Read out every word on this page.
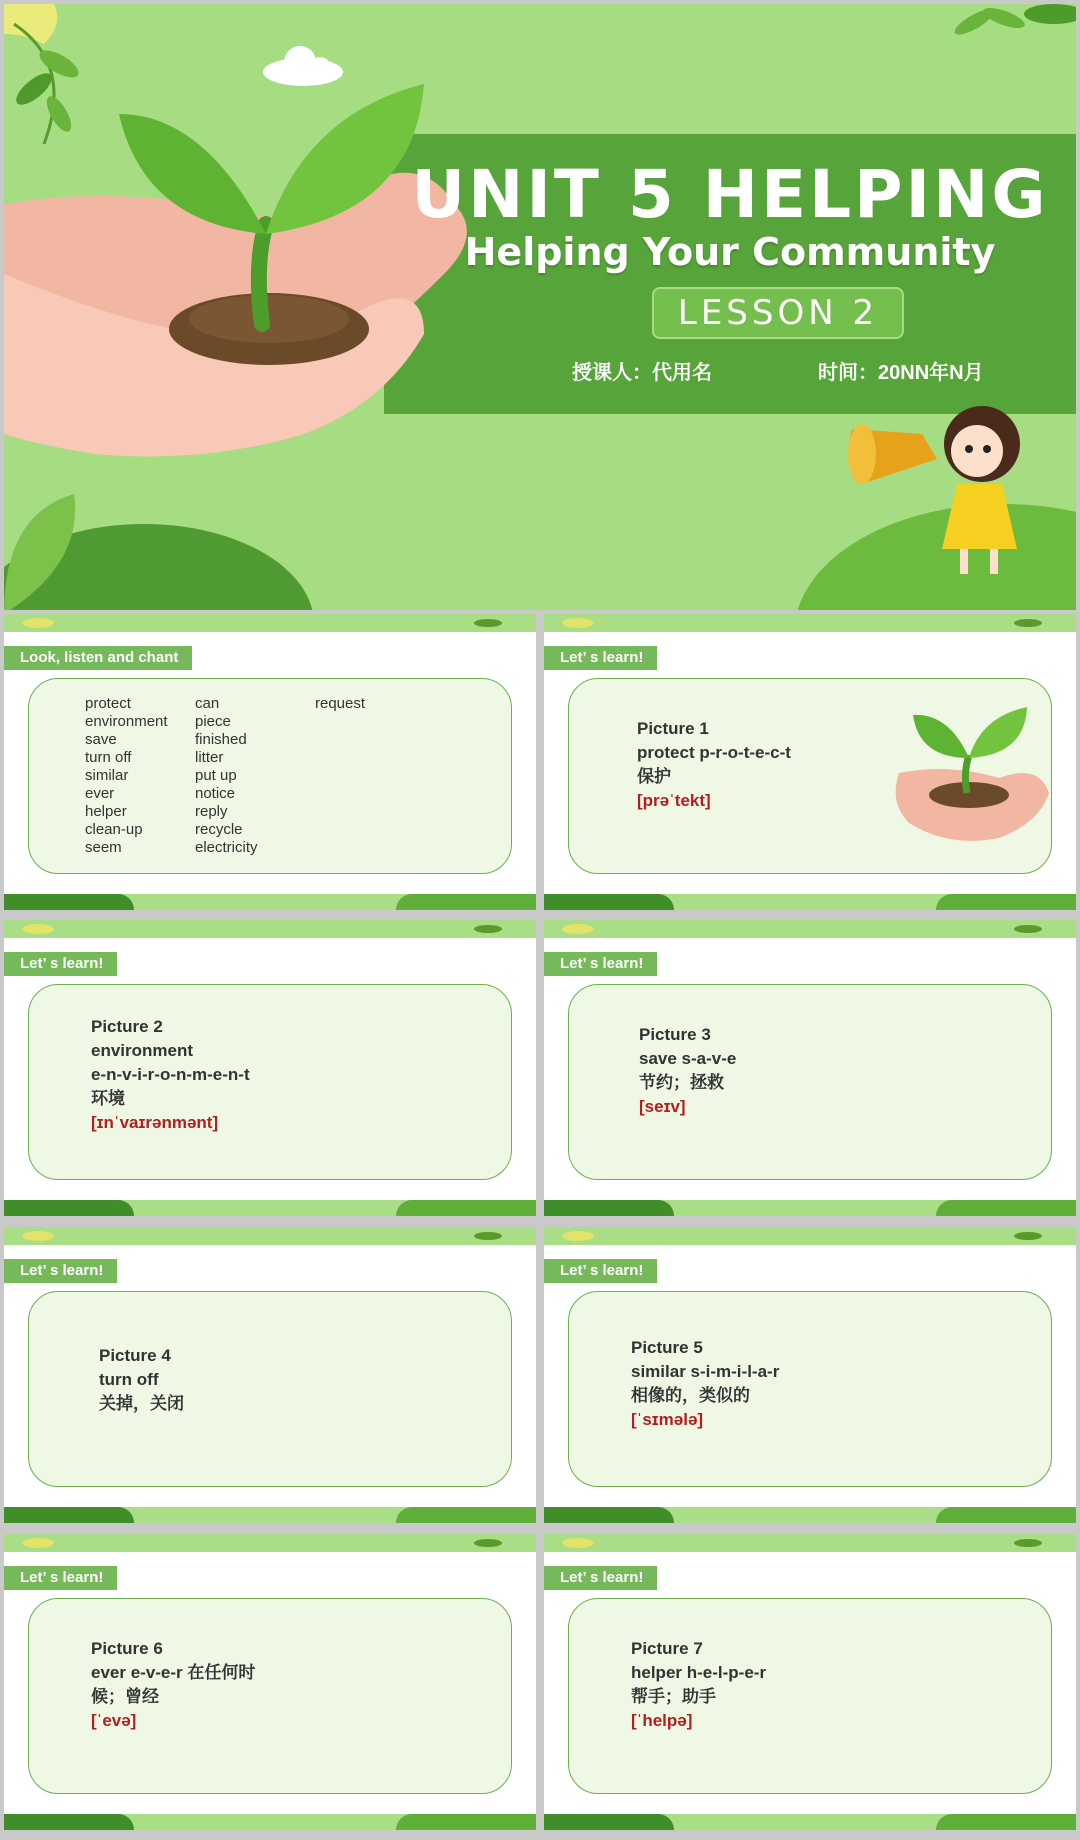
UNIT 5 HELPING
Helping Your Community
LESSON 2
授课人：代用名	时间：20NN年N月
Look, listen and chant
protect
environment
save
turn off
similar
ever
helper
clean-up
seem
can
piece
finished
litter
put up
notice
reply
recycle
electricity
request
Let’ s learn!
Picture 1
protect p-r-o-t-e-c-t
保护
[prəˈtekt]
Let’ s learn!
Picture 2
environment
e-n-v-i-r-o-n-m-e-n-t
环境
[ɪnˈvaɪrənmənt]
Let’ s learn!
Picture 3
save s-a-v-e
节约；拯救
[seɪv]
Let’ s learn!
Picture 4
turn off
关掉，关闭
Let’ s learn!
Picture 5
similar s-i-m-i-l-a-r
相像的，类似的
[ˈsɪmələ]
Let’ s learn!
Picture 6
ever e-v-e-r 在任何时
候；曾经
[ˈevə]
Let’ s learn!
Picture 7
helper h-e-l-p-e-r
帮手；助手
[ˈhelpə]
